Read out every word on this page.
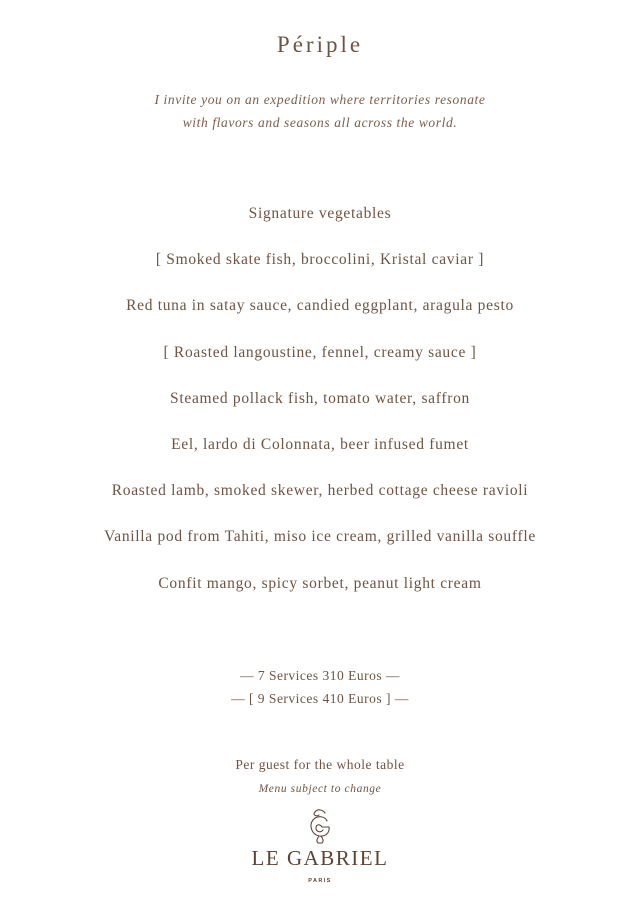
Périple
I invite you on an expedition where territories resonate
with flavors and seasons all across the world.
Signature vegetables
[ Smoked skate fish, broccolini, Kristal caviar ]
Red tuna in satay sauce, candied eggplant, aragula pesto
[ Roasted langoustine, fennel, creamy sauce ]
Steamed pollack fish, tomato water, saffron
Eel, lardo di Colonnata, beer infused fumet
Roasted lamb, smoked skewer, herbed cottage cheese ravioli
Vanilla pod from Tahiti, miso ice cream, grilled vanilla souffle
Confit mango, spicy sorbet, peanut light cream
— 7 Services 310 Euros —
— [ 9 Services 410 Euros ] —
Per guest for the whole table
Menu subject to change
LE GABRIEL
PARIS
